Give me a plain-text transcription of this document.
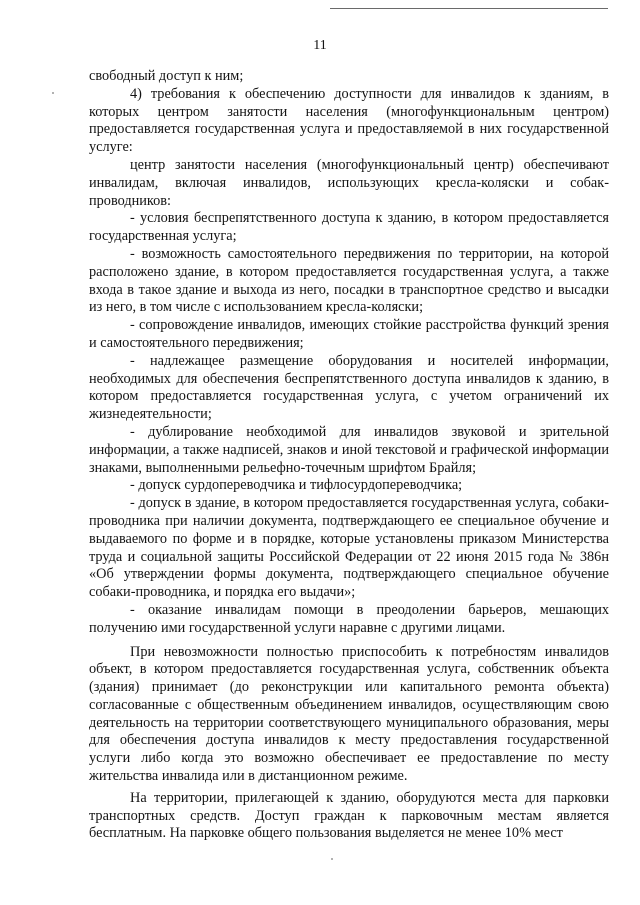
11

свободный доступ к ним;

4) требования к обеспечению доступности для инвалидов к зданиям, в которых центром занятости населения (многофункциональным центром) предоставляется государственная услуга и предоставляемой в них государственной услуге:

центр занятости населения (многофункциональный центр) обеспечивают инвалидам, включая инвалидов, использующих кресла-коляски и собак-проводников:

- условия беспрепятственного доступа к зданию, в котором предоставляется государственная услуга;

- возможность самостоятельного передвижения по территории, на которой расположено здание, в котором предоставляется государственная услуга, а также входа в такое здание и выхода из него, посадки в транспортное средство и высадки из него, в том числе с использованием кресла-коляски;

- сопровождение инвалидов, имеющих стойкие расстройства функций зрения и самостоятельного передвижения;

- надлежащее размещение оборудования и носителей информации, необходимых для обеспечения беспрепятственного доступа инвалидов к зданию, в котором предоставляется государственная услуга, с учетом ограничений их жизнедеятельности;

- дублирование необходимой для инвалидов звуковой и зрительной информации, а также надписей, знаков и иной текстовой и графической информации знаками, выполненными рельефно-точечным шрифтом Брайля;

- допуск сурдопереводчика и тифлосурдопереводчика;

- допуск в здание, в котором предоставляется государственная услуга, собаки-проводника при наличии документа, подтверждающего ее специальное обучение и выдаваемого по форме и в порядке, которые установлены приказом Министерства труда и социальной защиты Российской Федерации от 22 июня 2015 года № 386н «Об утверждении формы документа, подтверждающего специальное обучение собаки-проводника, и порядка его выдачи»;

- оказание инвалидам помощи в преодолении барьеров, мешающих получению ими государственной услуги наравне с другими лицами.

При невозможности полностью приспособить к потребностям инвалидов объект, в котором предоставляется государственная услуга, собственник объекта (здания) принимает (до реконструкции или капитального ремонта объекта) согласованные с общественным объединением инвалидов, осуществляющим свою деятельность на территории соответствующего муниципального образования, меры для обеспечения доступа инвалидов к месту предоставления государственной услуги либо когда это возможно обеспечивает ее предоставление по месту жительства инвалида или в дистанционном режиме.

На территории, прилегающей к зданию, оборудуются места для парковки транспортных средств. Доступ граждан к парковочным местам является бесплатным. На парковке общего пользования выделяется не менее 10% мест
